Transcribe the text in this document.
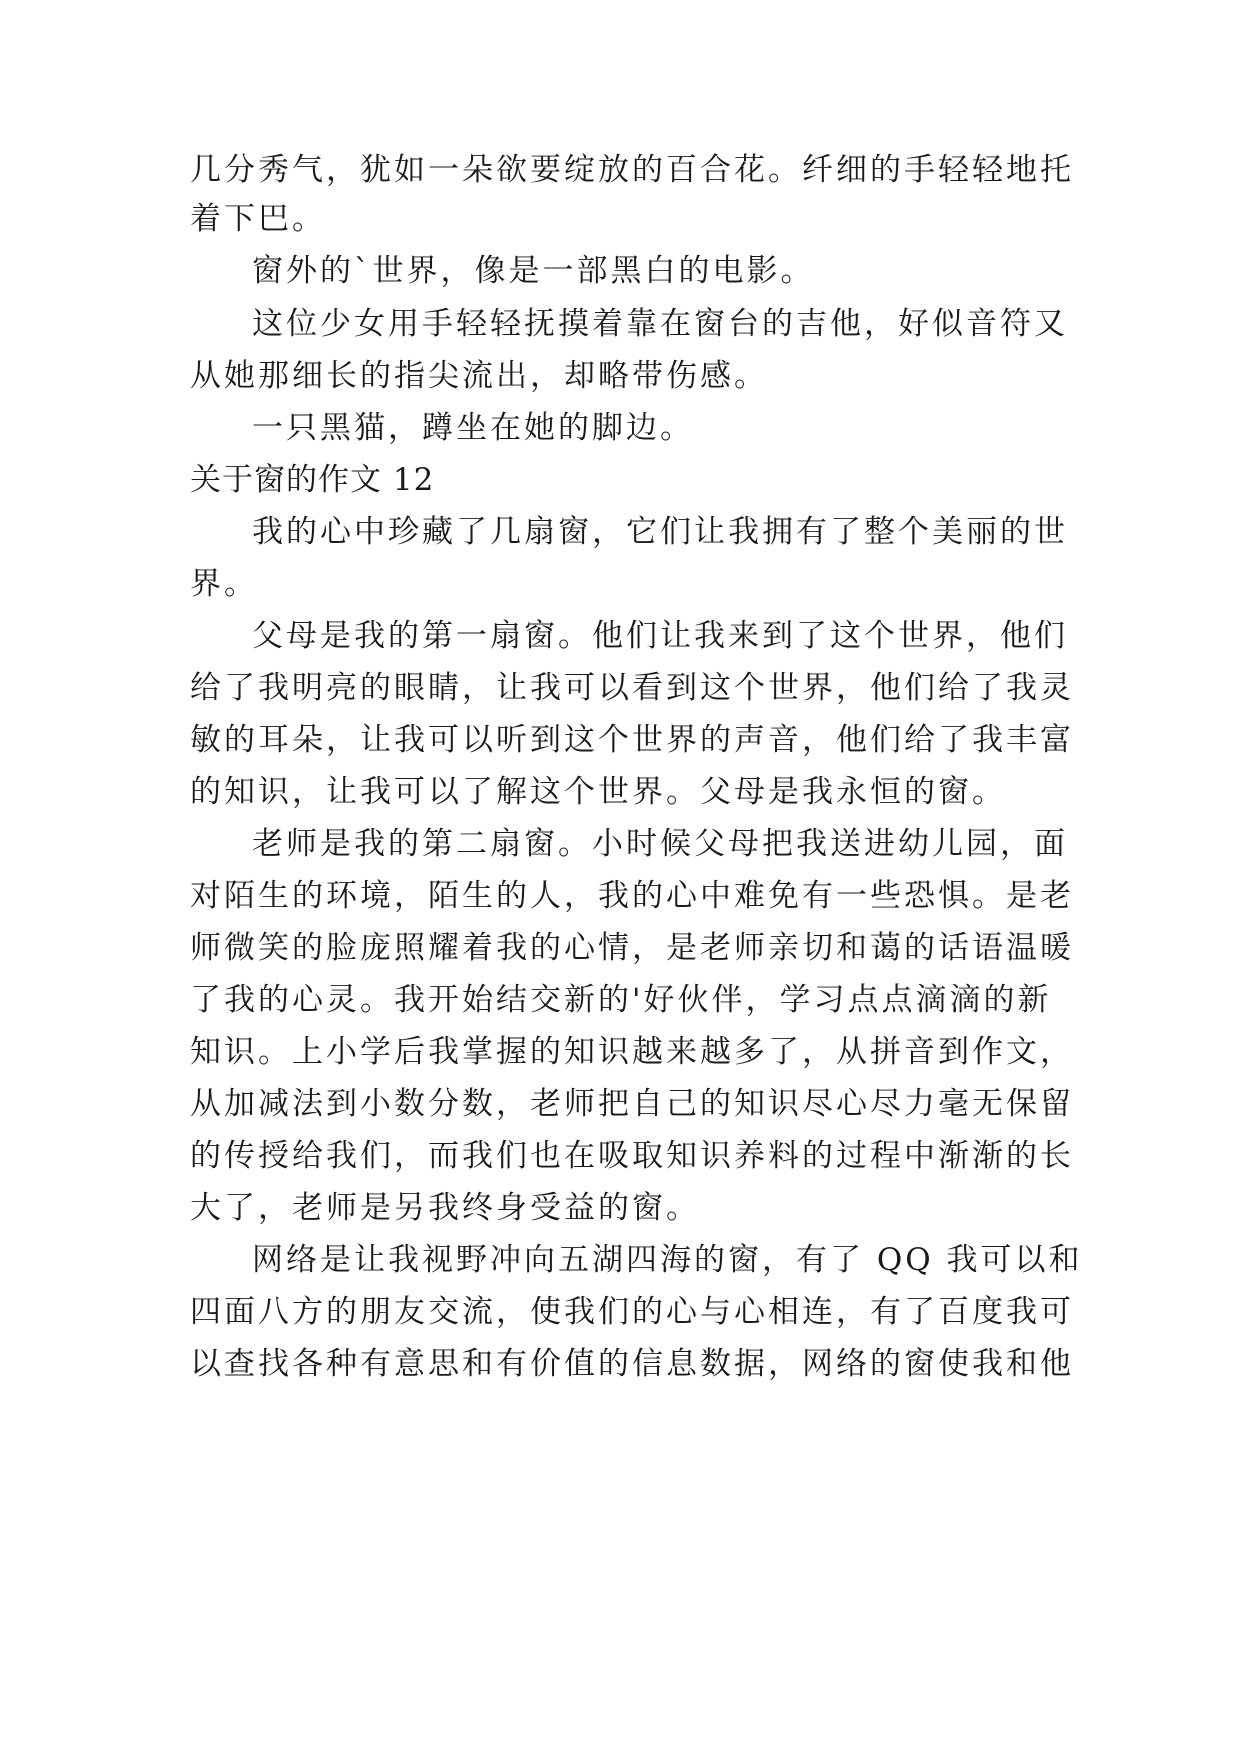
几分秀气，犹如一朵欲要绽放的百合花。纤细的手轻轻地托
着下巴。
窗外的`世界，像是一部黑白的电影。
这位少女用手轻轻抚摸着靠在窗台的吉他，好似音符又
从她那细长的指尖流出，却略带伤感。
一只黑猫，蹲坐在她的脚边。
关于窗的作文 12
我的心中珍藏了几扇窗，它们让我拥有了整个美丽的世
界。
父母是我的第一扇窗。他们让我来到了这个世界，他们
给了我明亮的眼睛，让我可以看到这个世界，他们给了我灵
敏的耳朵，让我可以听到这个世界的声音，他们给了我丰富
的知识，让我可以了解这个世界。父母是我永恒的窗。
老师是我的第二扇窗。小时候父母把我送进幼儿园，面
对陌生的环境，陌生的人，我的心中难免有一些恐惧。是老
师微笑的脸庞照耀着我的心情，是老师亲切和蔼的话语温暖
了我的心灵。我开始结交新的'好伙伴，学习点点滴滴的新
知识。上小学后我掌握的知识越来越多了，从拼音到作文，
从加减法到小数分数，老师把自己的知识尽心尽力毫无保留
的传授给我们，而我们也在吸取知识养料的过程中渐渐的长
大了，老师是另我终身受益的窗。
网络是让我视野冲向五湖四海的窗，有了 QQ 我可以和
四面八方的朋友交流，使我们的心与心相连，有了百度我可
以查找各种有意思和有价值的信息数据，网络的窗使我和他
